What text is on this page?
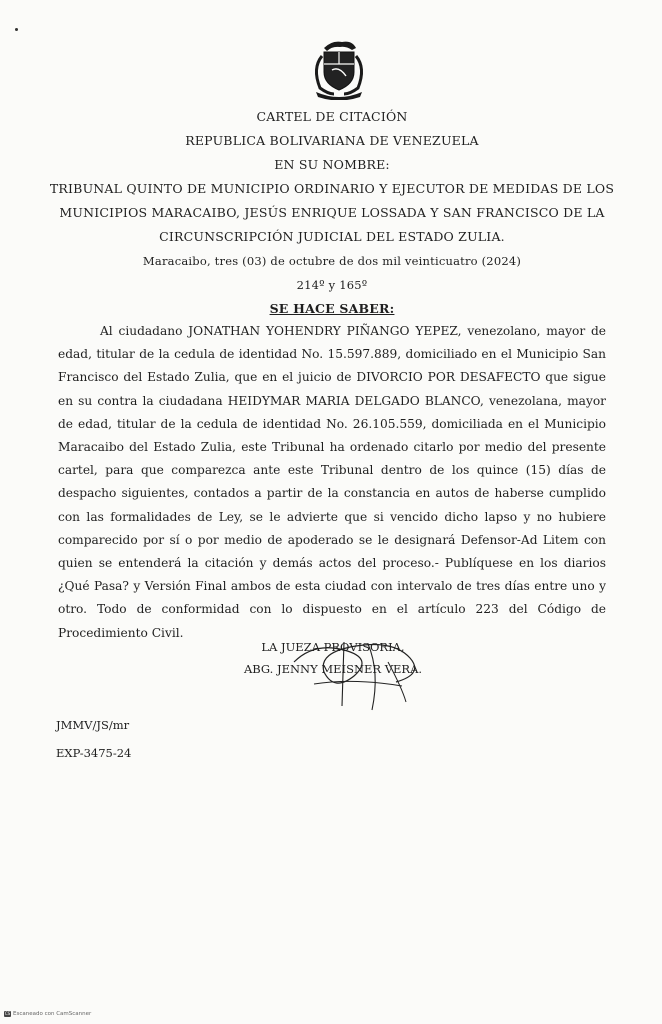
CARTEL DE CITACIÓN
REPUBLICA BOLIVARIANA DE VENEZUELA
EN SU NOMBRE:
TRIBUNAL QUINTO DE MUNICIPIO ORDINARIO Y EJECUTOR DE MEDIDAS DE LOS MUNICIPIOS MARACAIBO, JESÚS ENRIQUE LOSSADA Y SAN FRANCISCO DE LA CIRCUNSCRIPCIÓN JUDICIAL DEL ESTADO ZULIA.
Maracaibo, tres (03) de octubre de dos mil veinticuatro (2024)
214º y 165º
SE HACE SABER:
Al ciudadano JONATHAN YOHENDRY PIÑANGO YEPEZ, venezolano, mayor de edad, titular de la cedula de identidad No. 15.597.889, domiciliado en el Municipio San Francisco del Estado Zulia, que en el juicio de DIVORCIO POR DESAFECTO que sigue en su contra la ciudadana HEIDYMAR MARIA DELGADO BLANCO, venezolana, mayor de edad, titular de la cedula de identidad No. 26.105.559, domiciliada en el Municipio Maracaibo del Estado Zulia, este Tribunal ha ordenado citarlo por medio del presente cartel, para que comparezca ante este Tribunal dentro de los quince (15) días de despacho siguientes, contados a partir de la constancia en autos de haberse cumplido con las formalidades de Ley, se le advierte que si vencido dicho lapso y no hubiere comparecido por sí o por medio de apoderado se le designará Defensor-Ad Litem con quien se entenderá la citación y demás actos del proceso.- Publíquese en los diarios ¿Qué Pasa? y Versión Final ambos de esta ciudad con intervalo de tres días entre uno y otro. Todo de conformidad con lo dispuesto en el artículo 223 del Código de Procedimiento Civil.
LA JUEZA PROVISORIA,
ABG. JENNY MEISNER VERA.
JMMV/JS/mr
EXP-3475-24
CS Escaneado con CamScanner
